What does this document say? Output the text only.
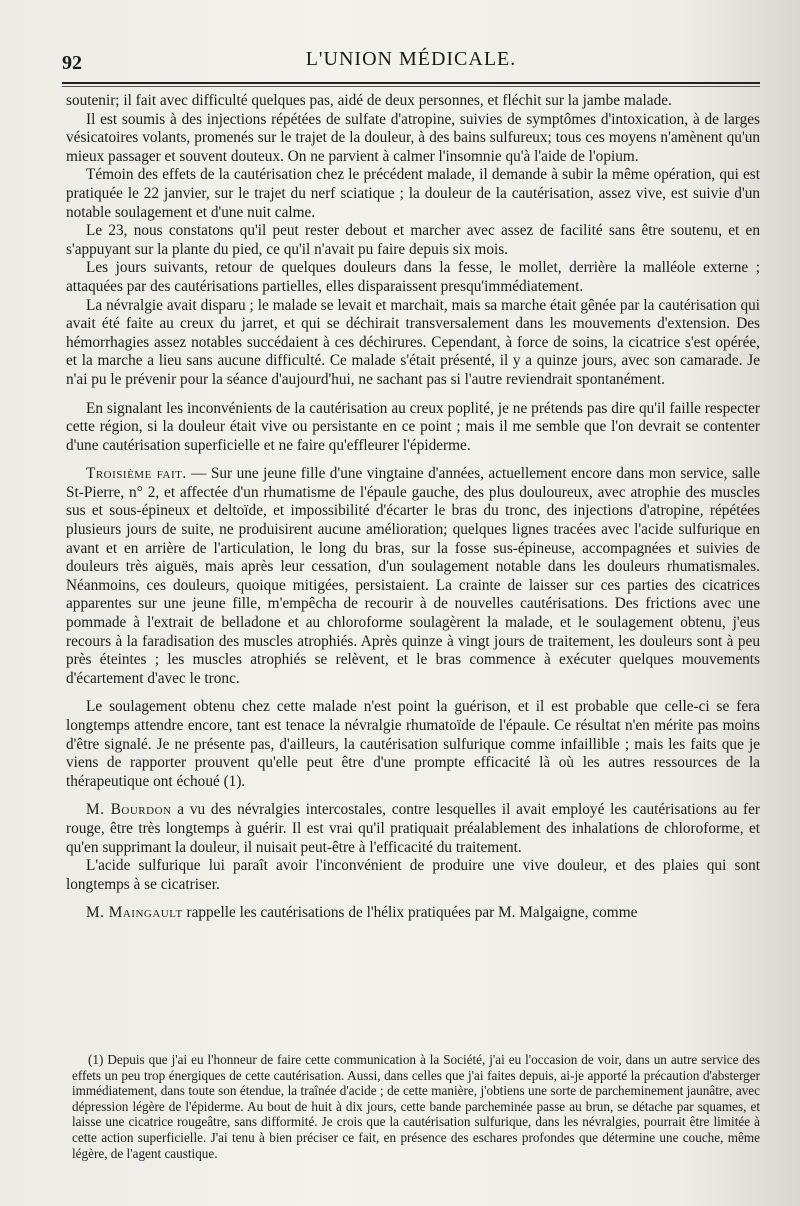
92	L'UNION MÉDICALE.

soutenir; il fait avec difficulté quelques pas, aidé de deux personnes, et fléchit sur la jambe malade.

Il est soumis à des injections répétées de sulfate d'atropine, suivies de symptômes d'intoxication, à de larges vésicatoires volants, promenés sur le trajet de la douleur, à des bains sulfureux; tous ces moyens n'amènent qu'un mieux passager et souvent douteux. On ne parvient à calmer l'insomnie qu'à l'aide de l'opium.

Témoin des effets de la cautérisation chez le précédent malade, il demande à subir la même opération, qui est pratiquée le 22 janvier, sur le trajet du nerf sciatique ; la douleur de la cautérisation, assez vive, est suivie d'un notable soulagement et d'une nuit calme.

Le 23, nous constatons qu'il peut rester debout et marcher avec assez de facilité sans être soutenu, et en s'appuyant sur la plante du pied, ce qu'il n'avait pu faire depuis six mois.

Les jours suivants, retour de quelques douleurs dans la fesse, le mollet, derrière la malléole externe ; attaquées par des cautérisations partielles, elles disparaissent presqu'immédiatement.

La névralgie avait disparu ; le malade se levait et marchait, mais sa marche était gênée par la cautérisation qui avait été faite au creux du jarret, et qui se déchirait transversalement dans les mouvements d'extension. Des hémorrhagies assez notables succédaient à ces déchirures. Cependant, à force de soins, la cicatrice s'est opérée, et la marche a lieu sans aucune difficulté. Ce malade s'était présenté, il y a quinze jours, avec son camarade. Je n'ai pu le prévenir pour la séance d'aujourd'hui, ne sachant pas si l'autre reviendrait spontanément.

En signalant les inconvénients de la cautérisation au creux poplité, je ne prétends pas dire qu'il faille respecter cette région, si la douleur était vive ou persistante en ce point ; mais il me semble que l'on devrait se contenter d'une cautérisation superficielle et ne faire qu'effleurer l'épiderme.

Troisième fait. — Sur une jeune fille d'une vingtaine d'années, actuellement encore dans mon service, salle St-Pierre, n° 2, et affectée d'un rhumatisme de l'épaule gauche, des plus douloureux, avec atrophie des muscles sus et sous-épineux et deltoïde, et impossibilité d'écarter le bras du tronc, des injections d'atropine, répétées plusieurs jours de suite, ne produisirent aucune amélioration; quelques lignes tracées avec l'acide sulfurique en avant et en arrière de l'articulation, le long du bras, sur la fosse sus-épineuse, accompagnées et suivies de douleurs très aiguës, mais après leur cessation, d'un soulagement notable dans les douleurs rhumatismales. Néanmoins, ces douleurs, quoique mitigées, persistaient. La crainte de laisser sur ces parties des cicatrices apparentes sur une jeune fille, m'empêcha de recourir à de nouvelles cautérisations. Des frictions avec une pommade à l'extrait de belladone et au chloroforme soulagèrent la malade, et le soulagement obtenu, j'eus recours à la faradisation des muscles atrophiés. Après quinze à vingt jours de traitement, les douleurs sont à peu près éteintes ; les muscles atrophiés se relèvent, et le bras commence à exécuter quelques mouvements d'écartement d'avec le tronc.

Le soulagement obtenu chez cette malade n'est point la guérison, et il est probable que celle-ci se fera longtemps attendre encore, tant est tenace la névralgie rhumatoïde de l'épaule. Ce résultat n'en mérite pas moins d'être signalé. Je ne présente pas, d'ailleurs, la cautérisation sulfurique comme infaillible ; mais les faits que je viens de rapporter prouvent qu'elle peut être d'une prompte efficacité là où les autres ressources de la thérapeutique ont échoué (1).

M. Bourdon a vu des névralgies intercostales, contre lesquelles il avait employé les cautérisations au fer rouge, être très longtemps à guérir. Il est vrai qu'il pratiquait préalablement des inhalations de chloroforme, et qu'en supprimant la douleur, il nuisait peut-être à l'efficacité du traitement.

L'acide sulfurique lui paraît avoir l'inconvénient de produire une vive douleur, et des plaies qui sont longtemps à se cicatriser.

M. Maingault rappelle les cautérisations de l'hélix pratiquées par M. Malgaigne, comme

(1) Depuis que j'ai eu l'honneur de faire cette communication à la Société, j'ai eu l'occasion de voir, dans un autre service des effets un peu trop énergiques de cette cautérisation. Aussi, dans celles que j'ai faites depuis, ai-je apporté la précaution d'absterger immédiatement, dans toute son étendue, la traînée d'acide ; de cette manière, j'obtiens une sorte de parcheminement jaunâtre, avec dépression légère de l'épiderme. Au bout de huit à dix jours, cette bande parcheminée passe au brun, se détache par squames, et laisse une cicatrice rougeâtre, sans difformité. Je crois que la cautérisation sulfurique, dans les névralgies, pourrait être limitée à cette action superficielle. J'ai tenu à bien préciser ce fait, en présence des eschares profondes que détermine une couche, même légère, de l'agent caustique.
